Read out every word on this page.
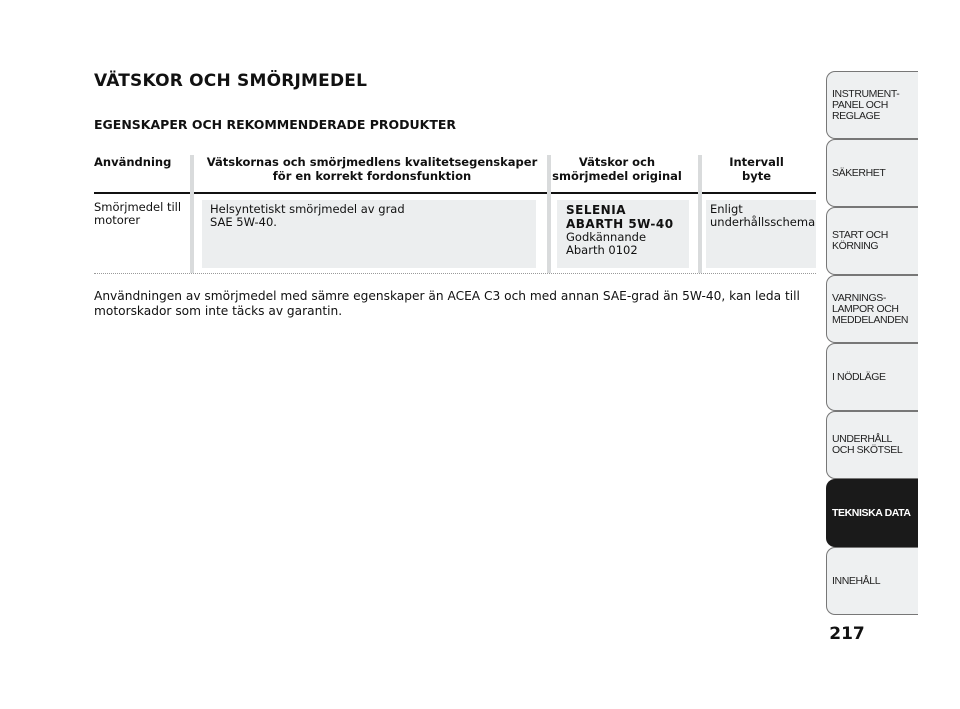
VÄTSKOR OCH SMÖRJMEDEL
EGENSKAPER OCH REKOMMENDERADE PRODUKTER
Användning	Vätskornas och smörjmedlens kvalitetsegenskaper
för en korrekt fordonsfunktion
Vätskor och
smörjmedel original
Intervall
byte
Smörjmedel till
motorer
Helsyntetiskt smörjmedel av grad
SAE 5W-40.
SELENIA
ABARTH 5W-40
Godkännande
Abarth 0102
Enligt
underhållsschema

Användningen av smörjmedel med sämre egenskaper än ACEA C3 och med annan SAE-grad än 5W-40, kan leda till motorskador som inte täcks av garantin.

INSTRUMENT-
PANEL OCH
REGLAGE
SÄKERHET
START OCH
KÖRNING
VARNINGS-
LAMPOR OCH
MEDDELANDEN
I NÖDLÄGE
UNDERHÅLL
OCH SKÖTSEL
TEKNISKA DATA
INNEHÅLL
217
